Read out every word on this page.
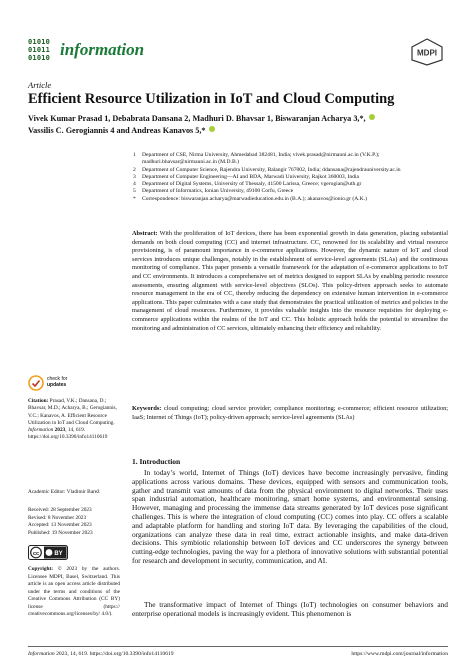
01010
01011
01010 information	MDPI
Article
Efficient Resource Utilization in IoT and Cloud Computing
Vivek Kumar Prasad 1, Debabrata Dansana 2, Madhuri D. Bhavsar 1, Biswaranjan Acharya 3,*,
Vassilis C. Gerogiannis 4 and Andreas Kanavos 5,*
1	Department of CSE, Nirma University, Ahmedabad 382481, India; vivek.prasad@nirmauni.ac.in (V.K.P.); madhuri.bhavsar@nirmauni.ac.in (M.D.B.)
2	Department of Computer Science, Rajendra University, Balangir 767002, India; ddansana@rajendrauniversity.ac.in
3	Department of Computer Engineering—AI and BDA, Marwadi University, Rajkot 360003, India
4	Department of Digital Systems, University of Thessaly, 41500 Larissa, Greece; vgerogian@uth.gr
5	Department of Informatics, Ionian University, 49100 Corfu, Greece
*	Correspondence: biswaranjan.acharya@marwadieducation.edu.in (B.A.); akanavos@ionio.gr (A.K.)
Abstract: With the proliferation of IoT devices, there has been exponential growth in data generation, placing substantial demands on both cloud computing (CC) and internet infrastructure. CC, renowned for its scalability and virtual resource provisioning, is of paramount importance in e-commerce applications. However, the dynamic nature of IoT and cloud services introduces unique challenges, notably in the establishment of service-level agreements (SLAs) and the continuous monitoring of compliance. This paper presents a versatile framework for the adaptation of e-commerce applications to IoT and CC environments. It introduces a comprehensive set of metrics designed to support SLAs by enabling periodic resource assessments, ensuring alignment with service-level objectives (SLOs). This policy-driven approach seeks to automate resource management in the era of CC, thereby reducing the dependency on extensive human intervention in e-commerce applications. This paper culminates with a case study that demonstrates the practical utilization of metrics and policies in the management of cloud resources. Furthermore, it provides valuable insights into the resource requisites for deploying e-commerce applications within the realms of the IoT and CC. This holistic approach holds the potential to streamline the monitoring and administration of CC services, ultimately enhancing their efficiency and reliability.
Keywords: cloud computing; cloud service provider; compliance monitoring; e-commerce; efficient resource utilization; IaaS; Internet of Things (IoT); policy-driven approach; service-level agreements (SLAs)
check for
updates
Citation: Prasad, V.K.; Dansana, D.; Bhavsar, M.D.; Acharya, B.; Gerogiannis, V.C.; Kanavos, A. Efficient Resource Utilization in IoT and Cloud Computing. Information 2023, 14, 619. https://doi.org/10.3390/info14110619
Academic Editor: Vladimir Barež
Received: 28 September 2023
Revised: 8 November 2023
Accepted: 13 November 2023
Published: 19 November 2023
cc	BY
Copyright: © 2023 by the authors. Licensee MDPI, Basel, Switzerland. This article is an open access article distributed under the terms and conditions of the Creative Commons Attribution (CC BY) license (https:// creativecommons.org/licenses/by/ 4.0/).
1. Introduction
In today’s world, Internet of Things (IoT) devices have become increasingly pervasive, finding applications across various domains. These devices, equipped with sensors and communication tools, gather and transmit vast amounts of data from the physical environment to digital networks. Their uses span industrial automation, healthcare monitoring, smart home systems, and environmental sensing. However, managing and processing the immense data streams generated by IoT devices pose significant challenges. This is where the integration of cloud computing (CC) comes into play. CC offers a scalable and adaptable platform for handling and storing IoT data. By leveraging the capabilities of the cloud, organizations can analyze these data in real time, extract actionable insights, and make data-driven decisions. This symbiotic relationship between IoT devices and CC underscores the synergy between cutting-edge technologies, paving the way for a plethora of innovative solutions with substantial potential for research and development in security, communication, and AI.
The transformative impact of Internet of Things (IoT) technologies on consumer behaviors and enterprise operational models is increasingly evident. This phenomenon is
Information 2023, 14, 619. https://doi.org/10.3390/info14110619	https://www.mdpi.com/journal/information
